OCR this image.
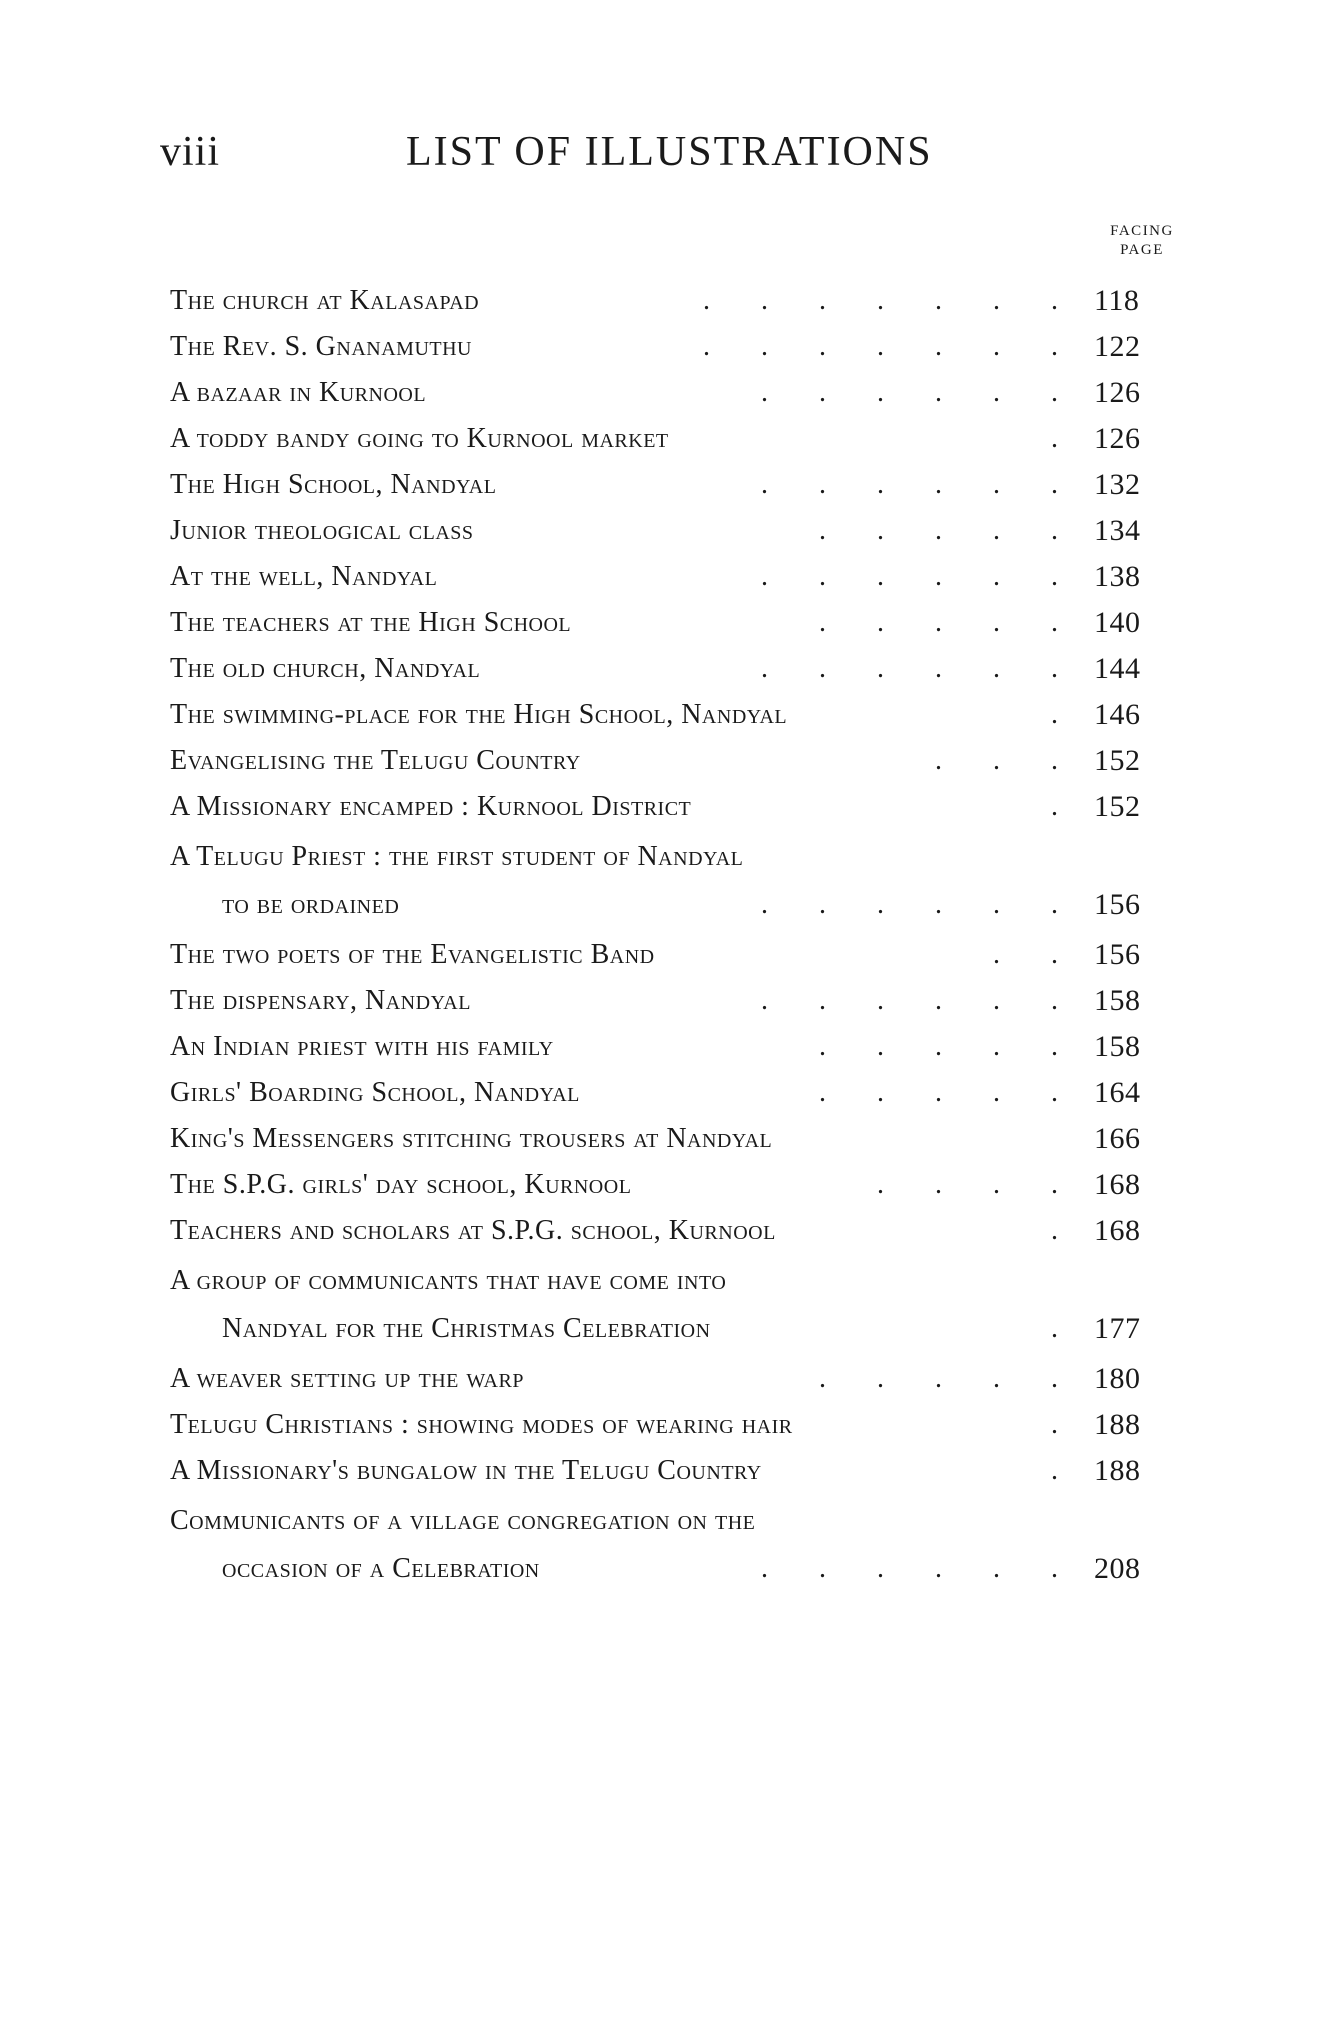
viii	LIST OF ILLUSTRATIONS
FACING
PAGE
The church at Kalasapad	. . . . . . . 118
The Rev. S. Gnanamuthu	. . . . . . . 122
A bazaar in Kurnool	. . . . . . 126
A toddy bandy going to Kurnool market	. 126
The High School, Nandyal	. . . . . . 132
Junior theological class	. . . . . 134
At the well, Nandyal	. . . . . . 138
The teachers at the High School	. . . . . 140
The old church, Nandyal	. . . . . . 144
The swimming-place for the High School, Nandyal	. 146
Evangelising the Telugu Country	. . . 152
A Missionary encamped : Kurnool District	. 152
A Telugu Priest : the first student of Nandyal
to be ordained	. . . . . . 156
The two poets of the Evangelistic Band	. . 156
The dispensary, Nandyal	. . . . . . 158
An Indian priest with his family	. . . . . 158
Girls' Boarding School, Nandyal	. . . . . 164
King's Messengers stitching trousers at Nandyal	166
The S.P.G. girls' day school, Kurnool	. . . . 168
Teachers and scholars at S.P.G. school, Kurnool	. 168
A group of communicants that have come into
Nandyal for the Christmas Celebration	. 177
A weaver setting up the warp	. . . . . 180
Telugu Christians : showing modes of wearing hair	. 188
A Missionary's bungalow in the Telugu Country	. 188
Communicants of a village congregation on the
occasion of a Celebration	. . . . . . 208
